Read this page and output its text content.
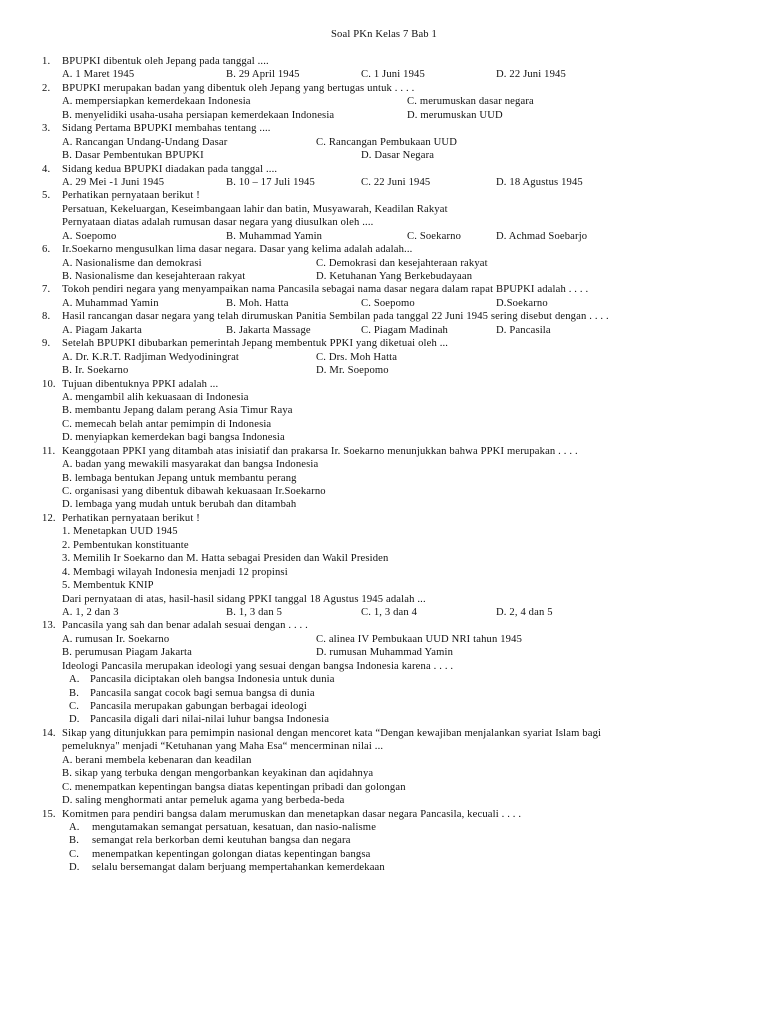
Soal PKn Kelas 7 Bab 1
1. BPUPKI dibentuk oleh Jepang pada tanggal ....
A. 1 Maret 1945	B. 29 April 1945	C. 1 Juni 1945	D. 22 Juni 1945
2. BPUPKI merupakan badan yang dibentuk oleh Jepang yang bertugas untuk . . . .
A. mempersiapkan kemerdekaan Indonesia	C. merumuskan dasar negara
B. menyelidiki usaha-usaha persiapan kemerdekaan Indonesia	D. merumuskan UUD
3. Sidang Pertama BPUPKI membahas tentang ....
A. Rancangan Undang-Undang Dasar	C. Rancangan Pembukaan UUD
B. Dasar Pembentukan BPUPKI	D. Dasar Negara
4. Sidang kedua BPUPKI diadakan pada tanggal ....
A. 29 Mei -1 Juni 1945	B. 10 – 17 Juli 1945	C. 22 Juni 1945	D. 18 Agustus 1945
5. Perhatikan pernyataan berikut !
Persatuan, Kekeluargan, Keseimbangaan lahir dan batin, Musyawarah, Keadilan Rakyat
Pernyataan diatas adalah rumusan dasar negara yang diusulkan oleh ....
A. Soepomo	B. Muhammad Yamin	C. Soekarno	D. Achmad Soebarjo
6. Ir.Soekarno mengusulkan lima dasar negara. Dasar yang kelima adalah adalah...
A. Nasionalisme dan demokrasi	C. Demokrasi dan kesejahteraan rakyat
B. Nasionalisme dan kesejahteraan rakyat	D. Ketuhanan Yang Berkebudayaan
7. Tokoh pendiri negara yang menyampaikan nama Pancasila sebagai nama dasar negara dalam rapat BPUPKI adalah . . . .
A. Muhammad Yamin	B. Moh. Hatta	C. Soepomo	D.Soekarno
8. Hasil rancangan dasar negara yang telah dirumuskan Panitia Sembilan pada tanggal 22 Juni 1945 sering disebut dengan . . . .
A. Piagam Jakarta	B. Jakarta Massage	C. Piagam Madinah	D. Pancasila
9. Setelah BPUPKI dibubarkan pemerintah Jepang membentuk PPKI yang diketuai oleh ...
A. Dr. K.R.T. Radjiman Wedyodiningrat	C. Drs. Moh Hatta
B. Ir. Soekarno	D. Mr. Soepomo
10. Tujuan dibentuknya PPKI adalah ...
A. mengambil alih kekuasaan di Indonesia
B. membantu Jepang dalam perang Asia Timur Raya
C. memecah belah antar pemimpin di Indonesia
D. menyiapkan kemerdekan bagi bangsa Indonesia
11. Keanggotaan PPKI yang ditambah atas inisiatif dan prakarsa Ir. Soekarno menunjukkan bahwa PPKI merupakan . . . .
A. badan yang mewakili masyarakat dan bangsa Indonesia
B. lembaga bentukan Jepang untuk membantu perang
C. organisasi yang dibentuk dibawah kekuasaan Ir.Soekarno
D. lembaga yang mudah untuk berubah dan ditambah
12. Perhatikan pernyataan berikut !
1. Menetapkan UUD 1945
2. Pembentukan konstituante
3. Memilih Ir Soekarno dan M. Hatta sebagai Presiden dan Wakil Presiden
4. Membagi wilayah Indonesia menjadi 12 propinsi
5. Membentuk KNIP
Dari pernyataan di atas, hasil-hasil sidang PPKI tanggal 18 Agustus 1945 adalah ...
A. 1, 2 dan 3	B. 1, 3 dan 5	C. 1, 3 dan 4	D. 2, 4 dan 5
13. Pancasila yang sah dan benar adalah sesuai dengan . . . .
A. rumusan Ir. Soekarno	C. alinea IV Pembukaan UUD NRI tahun 1945
B. perumusan Piagam Jakarta	D. rumusan Muhammad Yamin
Ideologi Pancasila merupakan ideologi yang sesuai dengan bangsa Indonesia karena . . . .
A. Pancasila diciptakan oleh bangsa Indonesia untuk dunia
B. Pancasila sangat cocok bagi semua bangsa di dunia
C. Pancasila merupakan gabungan berbagai ideologi
D. Pancasila digali dari nilai-nilai luhur bangsa Indonesia
14. Sikap yang ditunjukkan para pemimpin nasional dengan mencoret kata “Dengan kewajiban menjalankan syariat Islam bagi
pemeluknya" menjadi “Ketuhanan yang Maha Esa“ mencerminan nilai ...
A. berani membela kebenaran dan keadilan
B. sikap yang terbuka dengan mengorbankan keyakinan dan aqidahnya
C. menempatkan kepentingan bangsa diatas kepentingan pribadi dan golongan
D. saling menghormati antar pemeluk agama yang berbeda-beda
15. Komitmen para pendiri bangsa dalam merumuskan dan menetapkan dasar negara Pancasila, kecuali . . . .
A. mengutamakan semangat persatuan, kesatuan, dan nasio-nalisme
B. semangat rela berkorban demi keutuhan bangsa dan negara
C. menempatkan kepentingan golongan diatas kepentingan bangsa
D. selalu bersemangat dalam berjuang mempertahankan kemerdekaan
